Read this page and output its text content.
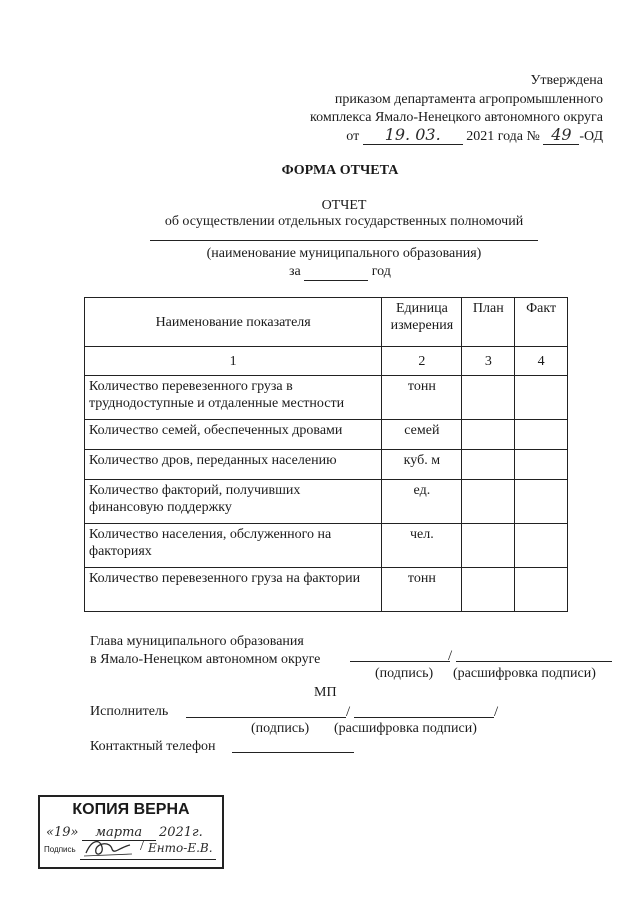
Утверждена
приказом департамента агропромышленного
комплекса Ямало-Ненецкого автономного округа
от 19. 03. 2021 года № 49 -ОД
ФОРМА ОТЧЕТА
ОТЧЕТ
об осуществлении отдельных государственных полномочий
(наименование муниципального образования)
за	год
Наименование показателя	Единица измерения	План	Факт
1	2	3	4
Количество перевезенного груза в труднодоступные и отдаленные местности	тонн		
Количество семей, обеспеченных дровами	семей		
Количество дров, переданных населению	куб. м		
Количество факторий, получивших финансовую поддержку	ед.		
Количество населения, обслуженного на факториях	чел.		
Количество перевезенного груза на фактории	тонн		
Главa муниципального образования
в Ямало-Ненецком автономном округе	/
(подпись) (расшифровка подписи)
МП
Исполнитель	/	/
(подпись) (расшифровка подписи)
Контактный телефон
КОПИЯ ВЕРНА
«19» марта 2021г.
Подпись	/ Енто-Е.В.
